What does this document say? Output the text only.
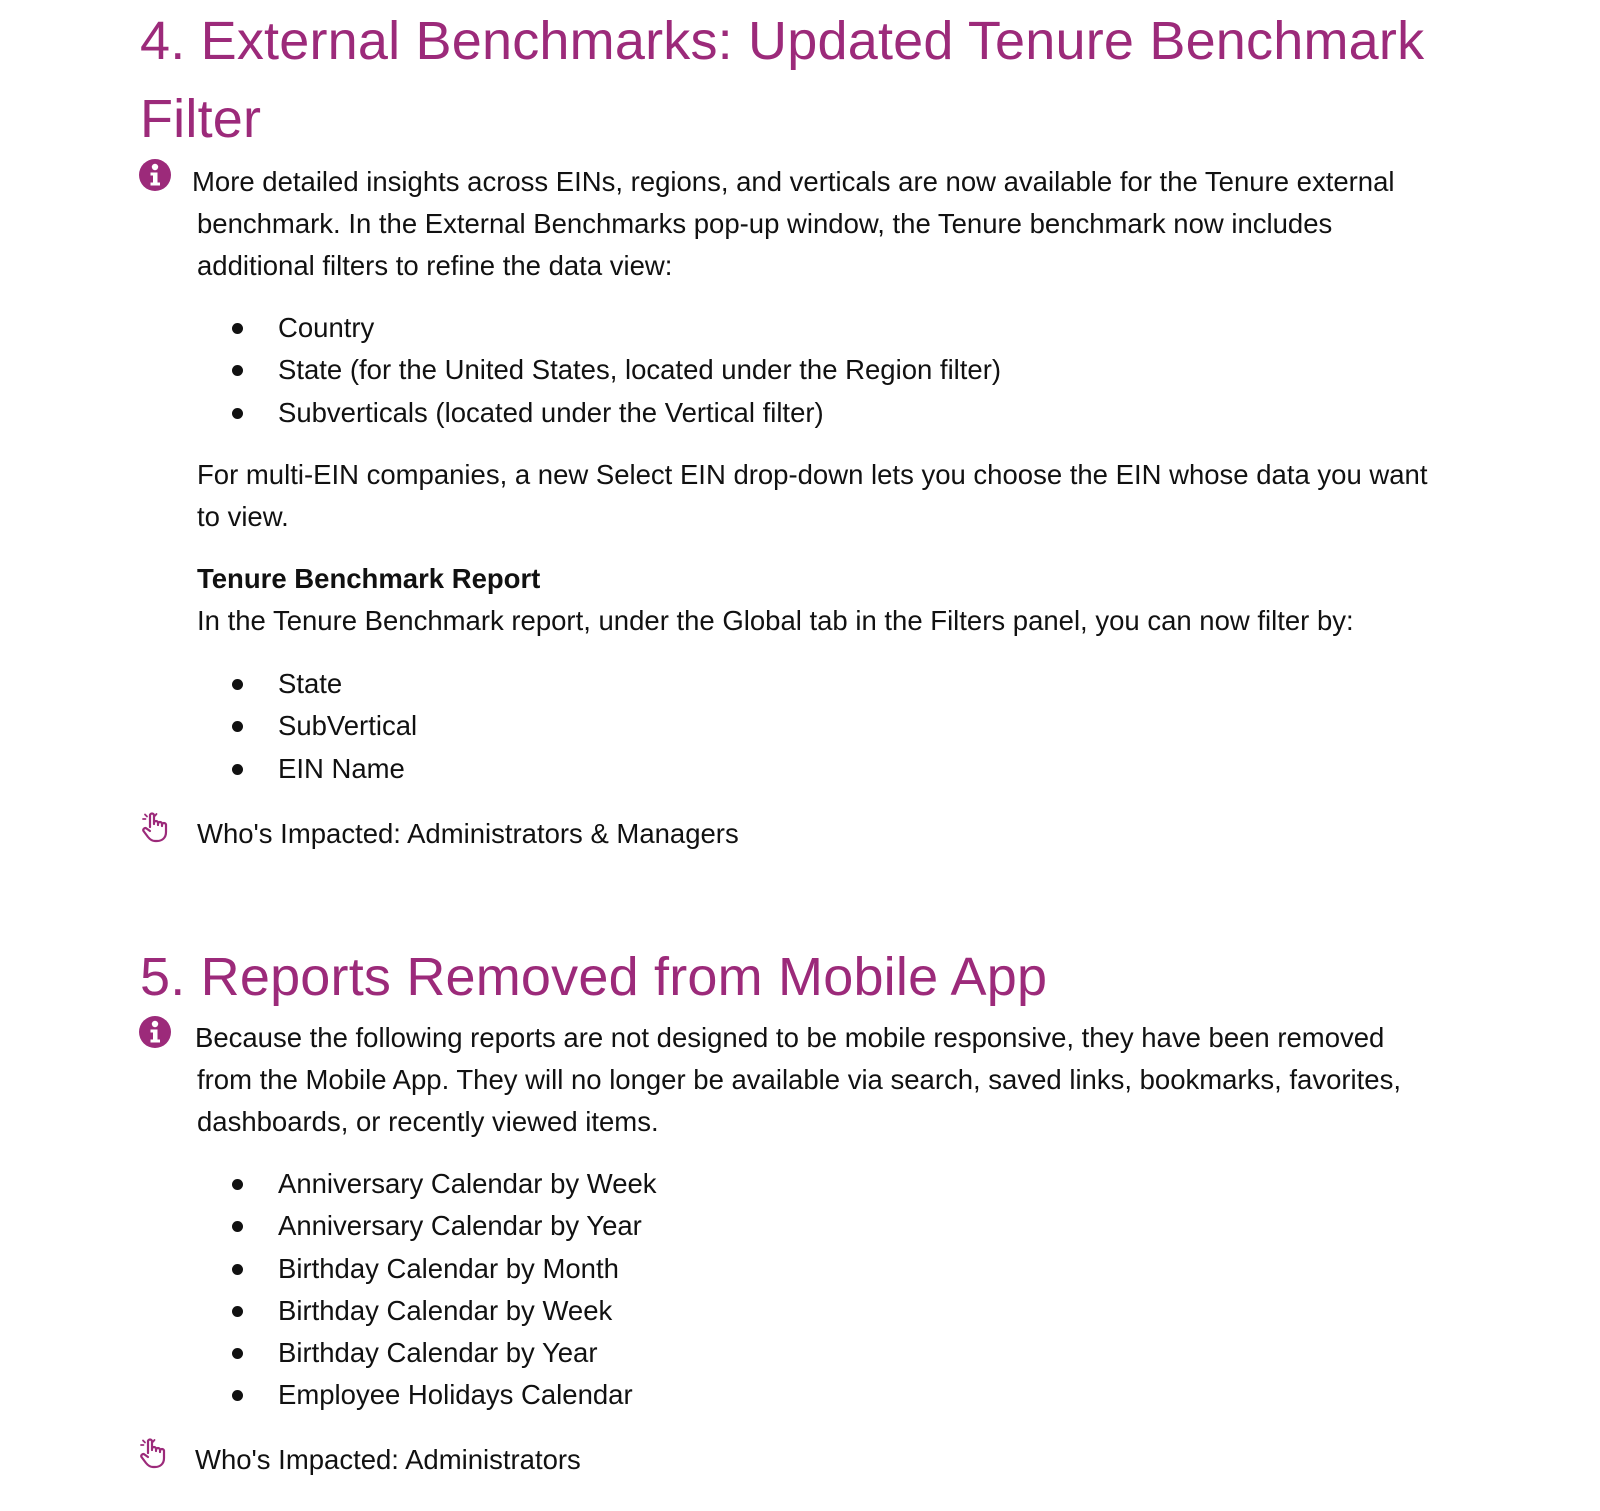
4. External Benchmarks: Updated Tenure Benchmark Filter

More detailed insights across EINs, regions, and verticals are now available for the Tenure external benchmark. In the External Benchmarks pop-up window, the Tenure benchmark now includes additional filters to refine the data view:

Country
State (for the United States, located under the Region filter)
Subverticals (located under the Vertical filter)

For multi-EIN companies, a new Select EIN drop-down lets you choose the EIN whose data you want to view.

Tenure Benchmark Report

In the Tenure Benchmark report, under the Global tab in the Filters panel, you can now filter by:

State
SubVertical
EIN Name

Who's Impacted: Administrators & Managers

5. Reports Removed from Mobile App

Because the following reports are not designed to be mobile responsive, they have been removed from the Mobile App. They will no longer be available via search, saved links, bookmarks, favorites, dashboards, or recently viewed items.

Anniversary Calendar by Week
Anniversary Calendar by Year
Birthday Calendar by Month
Birthday Calendar by Week
Birthday Calendar by Year
Employee Holidays Calendar

Who's Impacted: Administrators
